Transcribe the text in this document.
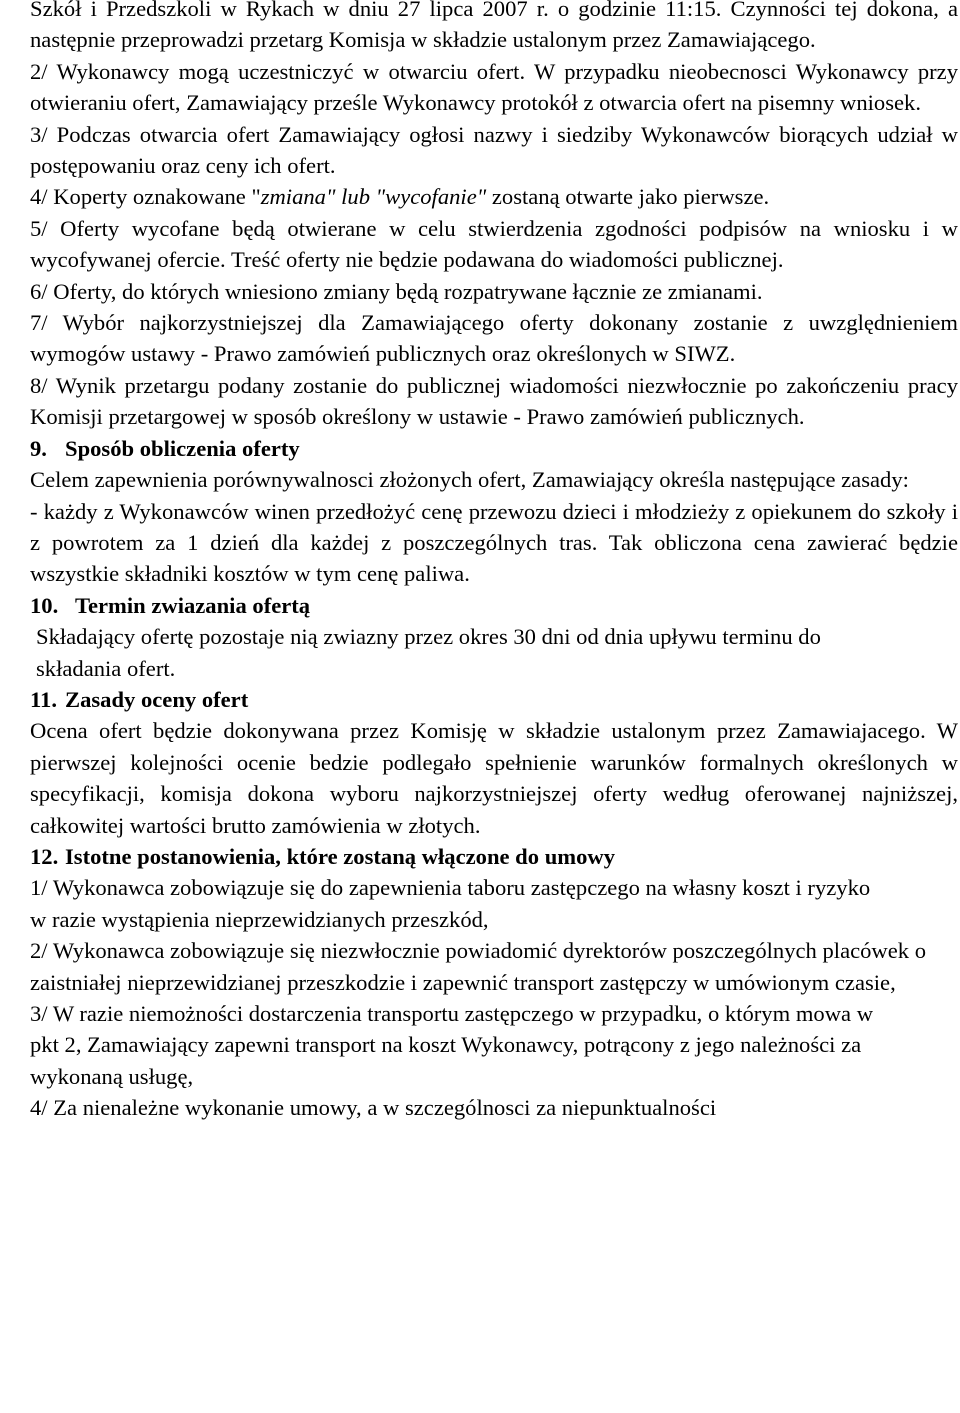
Szkół i Przedszkoli w Rykach w dniu 27 lipca 2007 r. o godzinie 11:15. Czynności tej dokona, a następnie przeprowadzi przetarg Komisja w składzie ustalonym przez Zamawiającego.

2/ Wykonawcy mogą uczestniczyć w otwarciu ofert. W przypadku nieobecnosci Wykonawcy przy otwieraniu ofert, Zamawiający prześle Wykonawcy protokół z otwarcia ofert na pisemny wniosek.

3/ Podczas otwarcia ofert Zamawiający ogłosi nazwy i siedziby Wykonawców biorących udział w postępowaniu oraz ceny ich ofert.

4/ Koperty oznakowane "zmiana" lub "wycofanie" zostaną otwarte jako pierwsze.

5/ Oferty wycofane będą otwierane w celu stwierdzenia zgodności podpisów na wniosku i w wycofywanej ofercie. Treść oferty nie będzie podawana do wiadomości publicznej.

6/ Oferty, do których wniesiono zmiany będą rozpatrywane łącznie ze zmianami.

7/ Wybór najkorzystniejszej dla Zamawiającego oferty dokonany zostanie z uwzględnieniem wymogów ustawy - Prawo zamówień publicznych oraz określonych w SIWZ.

8/ Wynik przetargu podany zostanie do publicznej wiadomości niezwłocznie po zakończeniu pracy Komisji przetargowej w sposób określony w ustawie - Prawo zamówień publicznych.

9. Sposób obliczenia oferty

Celem zapewnienia porównywalnosci złożonych ofert, Zamawiający określa następujące zasady:

- każdy z Wykonawców winen przedłożyć cenę przewozu dzieci i młodzieży z opiekunem do szkoły i z powrotem za 1 dzień dla każdej z poszczególnych tras. Tak obliczona cena zawierać będzie wszystkie składniki kosztów w tym cenę paliwa.

10. Termin zwiazania ofertą

Składający ofertę pozostaje nią zwiazny przez okres 30 dni od dnia upływu terminu do składania ofert.

11. Zasady oceny ofert

Ocena ofert będzie dokonywana przez Komisję w składzie ustalonym przez Zamawiajacego. W pierwszej kolejności ocenie bedzie podlegało spełnienie warunków formalnych określonych w specyfikacji, komisja dokona wyboru najkorzystniejszej oferty według oferowanej najniższej, całkowitej wartości brutto zamówienia w złotych.

12. Istotne postanowienia, które zostaną włączone do umowy

1/ Wykonawca zobowiązuje się do zapewnienia taboru zastępczego na własny koszt i ryzyko w razie wystąpienia nieprzewidzianych przeszkód,

2/ Wykonawca zobowiązuje się niezwłocznie powiadomić dyrektorów poszczególnych placówek o zaistniałej nieprzewidzianej przeszkodzie i zapewnić transport zastępczy w umówionym czasie,

3/ W razie niemożności dostarczenia transportu zastępczego w przypadku, o którym mowa w pkt 2, Zamawiający zapewni transport na koszt Wykonawcy, potrącony z jego należności za wykonaną usługę,

4/ Za nienależne wykonanie umowy, a w szczególnosci za niepunktualności
